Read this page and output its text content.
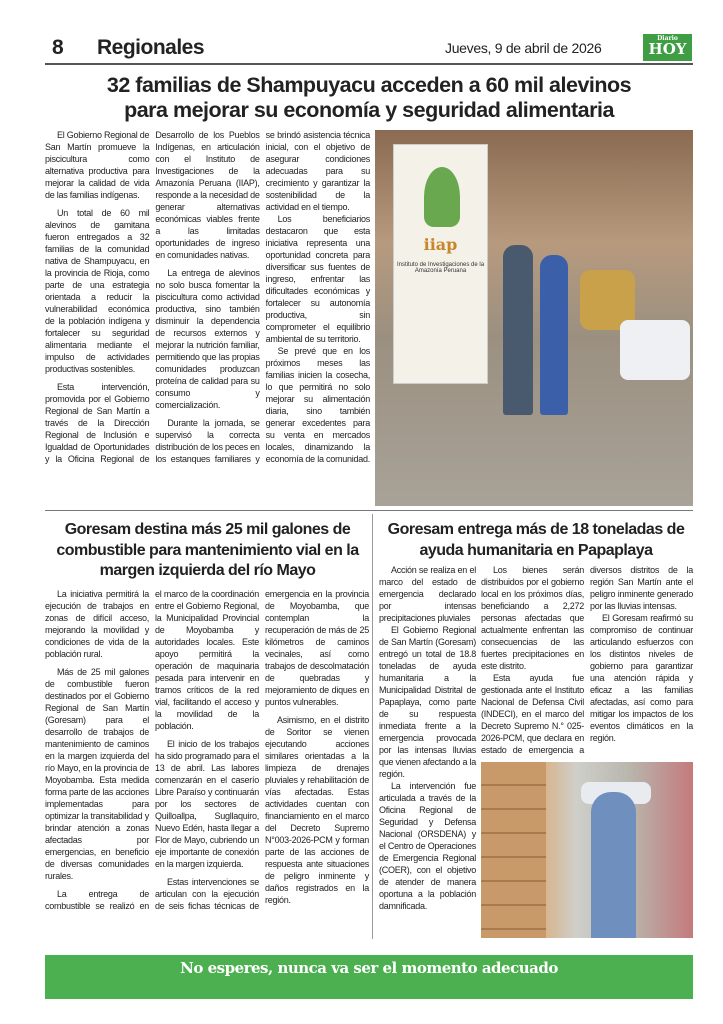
8 Regionales	Jueves, 9 de abril de 2026
Diario
HOY
32 familias de Shampuyacu acceden a 60 mil alevinos
para mejorar su economía y seguridad alimentaria

El Gobierno Regional de San Martín promueve la piscicultura como alternativa productiva para mejorar la calidad de vida de las familias indígenas.

Un total de 60 mil alevinos de gamitana fueron entregados a 32 familias de la comunidad nativa de Shampuyacu, en la provincia de Rioja, como parte de una estrategia orientada a reducir la vulnerabilidad económica de la población indígena y fortalecer su seguridad alimentaria mediante el impulso de actividades productivas sostenibles.

Esta intervención, promovida por el Gobierno Regional de San Martín a través de la Dirección Regional de Inclusión e Igualdad de Oportunidades y la Oficina Regional de Desarrollo de los Pueblos Indígenas, en articulación con el Instituto de Investigaciones de la Amazonía Peruana (IIAP), responde a la necesidad de generar alternativas económicas viables frente a las limitadas oportunidades de ingreso en comunidades nativas.

La entrega de alevinos no solo busca fomentar la piscicultura como actividad productiva, sino también disminuir la dependencia de recursos externos y mejorar la nutrición familiar, permitiendo que las propias comunidades produzcan proteína de calidad para su consumo y comercialización.

Durante la jornada, se supervisó la correcta distribución de los peces en los estanques familiares y se brindó asistencia técnica inicial, con el objetivo de asegurar condiciones adecuadas para su crecimiento y garantizar la sostenibilidad de la actividad en el tiempo.

Los beneficiarios destacaron que esta iniciativa representa una oportunidad concreta para diversificar sus fuentes de ingreso, enfrentar las dificultades económicas y fortalecer su autonomía productiva, sin comprometer el equilibrio ambiental de su territorio.

Se prevé que en los próximos meses las familias inicien la cosecha, lo que permitirá no solo mejorar su alimentación diaria, sino también generar excedentes para su venta en mercados locales, dinamizando la economía de la comunidad.

iiap
Instituto de Investigaciones de la Amazonía Peruana
Goresam destina más 25 mil galones de combustible para mantenimiento vial en la margen izquierda del río Mayo

La iniciativa permitirá la ejecución de trabajos en zonas de difícil acceso, mejorando la movilidad y condiciones de vida de la población rural.

Más de 25 mil galones de combustible fueron destinados por el Gobierno Regional de San Martín (Goresam) para el desarrollo de trabajos de mantenimiento de caminos en la margen izquierda del río Mayo, en la provincia de Moyobamba. Esta medida forma parte de las acciones implementadas para optimizar la transitabilidad y brindar atención a zonas afectadas por emergencias, en beneficio de diversas comunidades rurales.

La entrega de combustible se realizó en el marco de la coordinación entre el Gobierno Regional, la Municipalidad Provincial de Moyobamba y autoridades locales. Este apoyo permitirá la operación de maquinaria pesada para intervenir en tramos críticos de la red vial, facilitando el acceso y la movilidad de la población.

El inicio de los trabajos ha sido programado para el 13 de abril. Las labores comenzarán en el caserío Libre Paraíso y continuarán por los sectores de Quilloallpa, Sugllaquiro, Nuevo Edén, hasta llegar a Flor de Mayo, cubriendo un eje importante de conexión en la margen izquierda.

Estas intervenciones se articulan con la ejecución de seis fichas técnicas de emergencia en la provincia de Moyobamba, que contemplan la recuperación de más de 25 kilómetros de caminos vecinales, así como trabajos de descolmatación de quebradas y mejoramiento de diques en puntos vulnerables.

Asimismo, en el distrito de Soritor se vienen ejecutando acciones similares orientadas a la limpieza de drenajes pluviales y rehabilitación de vías afectadas. Estas actividades cuentan con financiamiento en el marco del Decreto Supremo N°003-2026-PCM y forman parte de las acciones de respuesta ante situaciones de peligro inminente y daños registrados en la región.

Goresam entrega más de 18 toneladas de ayuda humanitaria en Papaplaya

Acción se realiza en el marco del estado de emergencia declarado por intensas precipitaciones pluviales

El Gobierno Regional de San Martín (Goresam) entregó un total de 18.8 toneladas de ayuda humanitaria a la Municipalidad Distrital de Papaplaya, como parte de su respuesta inmediata frente a la emergencia provocada por las intensas lluvias que vienen afectando a la región.

La intervención fue articulada a través de la Oficina Regional de Seguridad y Defensa Nacional (ORSDENA) y el Centro de Operaciones de Emergencia Regional (COER), con el objetivo de atender de manera oportuna a la población damnificada.

Los bienes serán distribuidos por el gobierno local en los próximos días, beneficiando a 2,272 personas afectadas que actualmente enfrentan las consecuencias de las fuertes precipitaciones en este distrito.

Esta ayuda fue gestionada ante el Instituto Nacional de Defensa Civil (INDECI), en el marco del Decreto Supremo N.° 025-2026-PCM, que declara en estado de emergencia a diversos distritos de la región San Martín ante el peligro inminente generado por las lluvias intensas.

El Goresam reafirmó su compromiso de continuar articulando esfuerzos con los distintos niveles de gobierno para garantizar una atención rápida y eficaz a las familias afectadas, así como para mitigar los impactos de los eventos climáticos en la región.

No esperes, nunca va ser el momento adecuado
